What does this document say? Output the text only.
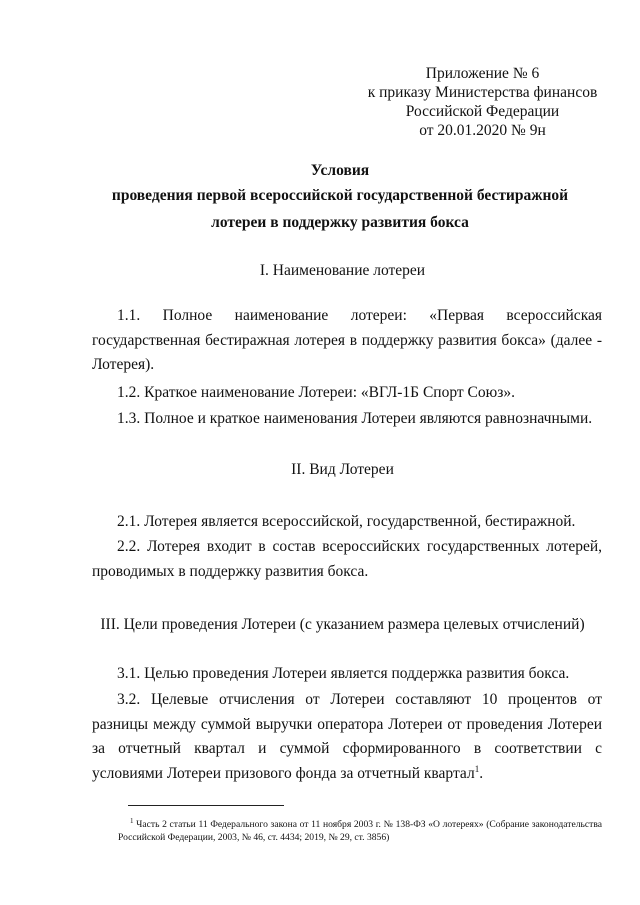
Приложение № 6
к приказу Министерства финансов
Российской Федерации
от 20.01.2020 № 9н
Условия
проведения первой всероссийской государственной бестиражной
лотереи в поддержку развития бокса
I. Наименование лотереи
1.1. Полное наименование лотереи: «Первая всероссийская государственная бестиражная лотерея в поддержку развития бокса» (далее - Лотерея).
1.2. Краткое наименование Лотереи: «ВГЛ-1Б Спорт Союз».
1.3. Полное и краткое наименования Лотереи являются равнозначными.
II. Вид Лотереи
2.1. Лотерея является всероссийской, государственной, бестиражной.
2.2. Лотерея входит в состав всероссийских государственных лотерей, проводимых в поддержку развития бокса.
III. Цели проведения Лотереи (с указанием размера целевых отчислений)
3.1. Целью проведения Лотереи является поддержка развития бокса.
3.2. Целевые отчисления от Лотереи составляют 10 процентов от разницы между суммой выручки оператора Лотереи от проведения Лотереи за отчетный квартал и суммой сформированного в соответствии с условиями Лотереи призового фонда за отчетный квартал$^1$.
$^1$ Часть 2 статьи 11 Федерального закона от 11 ноября 2003 г. № 138-ФЗ «О лотереях» (Собрание законодательства Российской Федерации, 2003, № 46, ст. 4434; 2019, № 29, ст. 3856)
